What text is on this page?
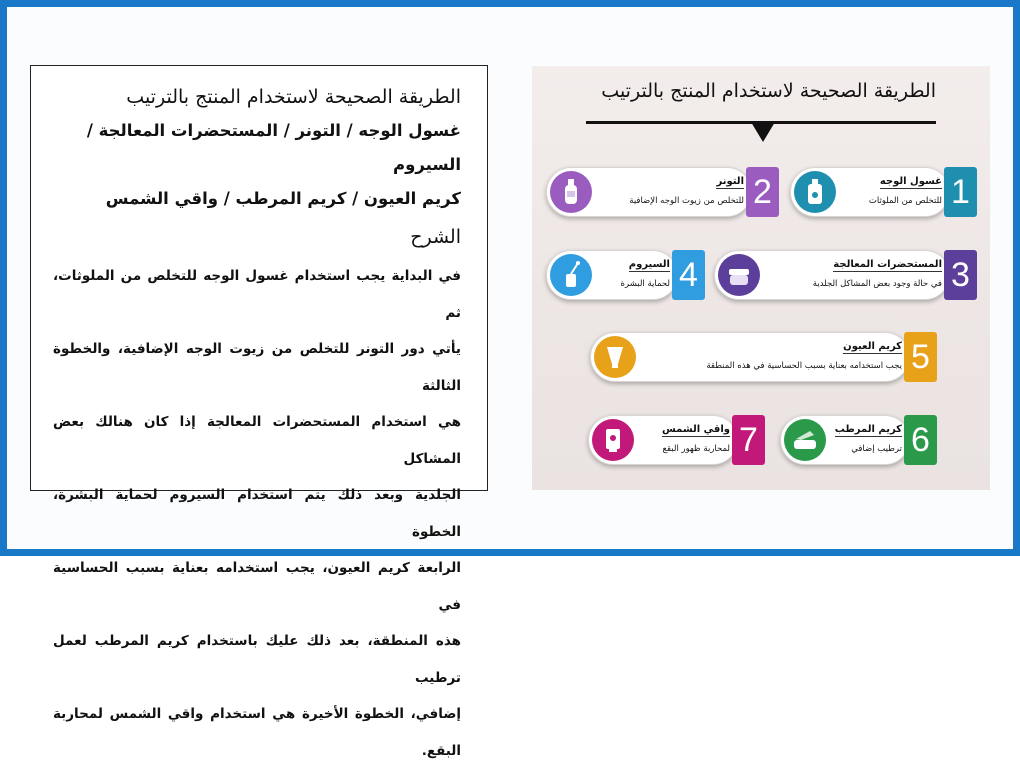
الطريقة الصحيحة لاستخدام المنتج بالترتيب
غسول الوجه / التونر / المستحضرات المعالجة / السيروم
كريم العيون / كريم المرطب / واقي الشمس
الشرح
في البداية يجب استخدام غسول الوجه للتخلص من الملوثات، ثم
يأتي دور التونر للتخلص من زيوت الوجه الإضافية، والخطوة الثالثة
هي استخدام المستحضرات المعالجة إذا كان هنالك بعض المشاكل
الجلدية وبعد ذلك يتم استخدام السيروم لحماية البشرة، الخطوة
الرابعة كريم العيون، يجب استخدامه بعناية بسبب الحساسية في
هذه المنطقة، بعد ذلك عليك باستخدام كريم المرطب لعمل ترطيب
إضافي، الخطوة الأخيرة هي استخدام واقي الشمس لمحاربة البقع.
الطريقة الصحيحة لاستخدام المنتج بالترتيب
غسول الوجه
للتخلص من الملوثات 1
التونر
للتخلص من زيوت الوجه الإضافية 2
المستحضرات المعالجة
في حالة وجود بعض المشاكل الجلدية 3
السيروم
لحماية البشرة 4
كريم العيون
يجب استخدامه بعناية بسبب الحساسية في هذه المنطقة 5
كريم المرطب
ترطيب إضافي 6
واقي الشمس
لمحاربة ظهور البقع 7
